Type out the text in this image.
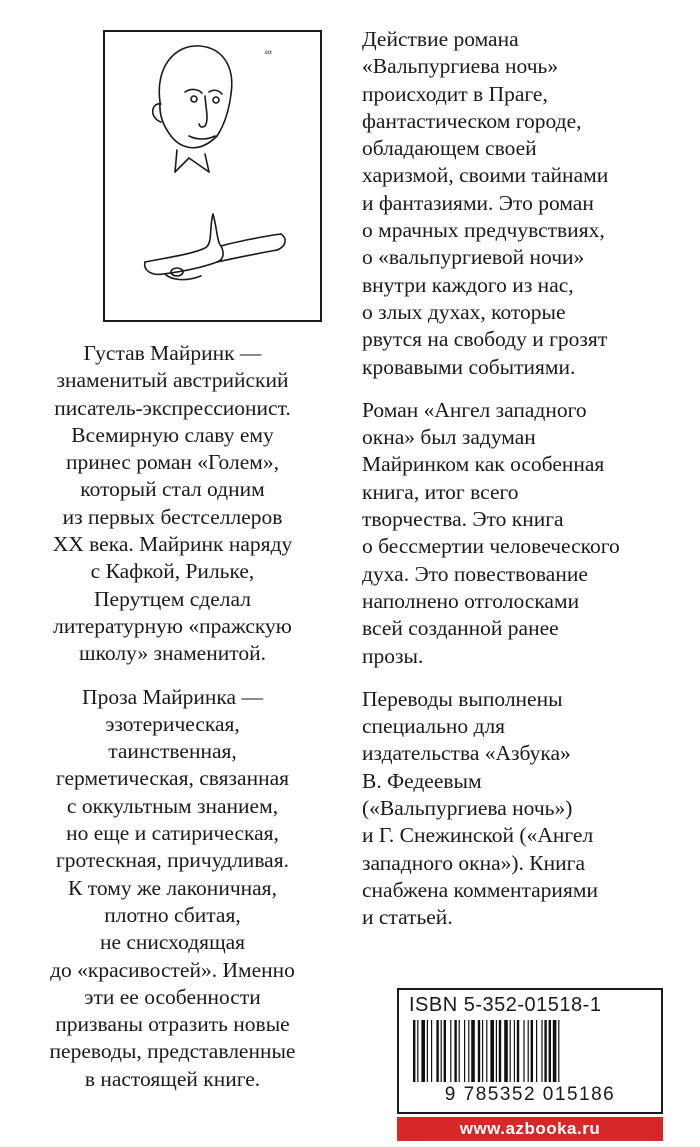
мх

Густав Майринк —
знаменитый австрийский
писатель-экспрессионист.
Всемирную славу ему
принес роман «Голем»,
который стал одним
из первых бестселлеров
XX века. Майринк наряду
с Кафкой, Рильке,
Перутцем сделал
литературную «пражскую
школу» знаменитой.

Проза Майринка —
эзотерическая,
таинственная,
герметическая, связанная
с оккультным знанием,
но еще и сатирическая,
гротескная, причудливая.
К тому же лаконичная,
плотно сбитая,
не снисходящая
до «красивостей». Именно
эти ее особенности
призваны отразить новые
переводы, представленные
в настоящей книге.

Действие романа
«Вальпургиева ночь»
происходит в Праге,
фантастическом городе,
обладающем своей
харизмой, своими тайнами
и фантазиями. Это роман
о мрачных предчувствиях,
о «вальпургиевой ночи»
внутри каждого из нас,
о злых духах, которые
рвутся на свободу и грозят
кровавыми событиями.

Роман «Ангел западного
окна» был задуман
Майринком как особенная
книга, итог всего
творчества. Это книга
о бессмертии человеческого
духа. Это повествование
наполнено отголосками
всей созданной ранее
прозы.

Переводы выполнены
специально для
издательства «Азбука»
В. Федеевым
(«Вальпургиева ночь»)
и Г. Снежинской («Ангел
западного окна»). Книга
снабжена комментариями
и статьей.

ISBN 5-352-01518-1
9 785352 015186
www.azbooka.ru
